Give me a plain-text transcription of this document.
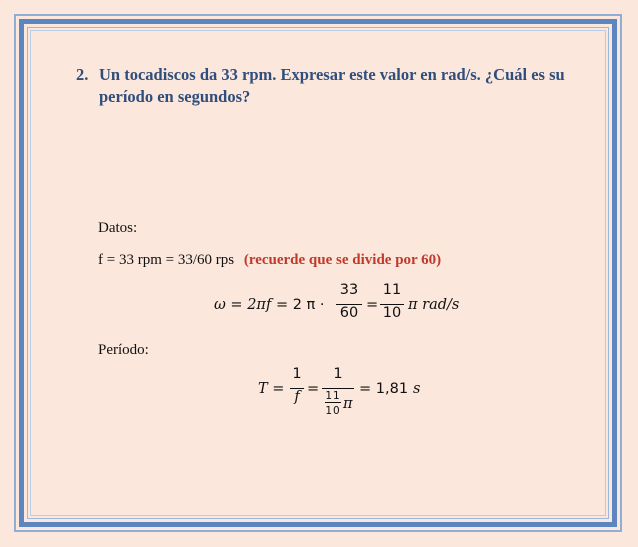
2. Un tocadiscos da 33 rpm. Expresar este valor en rad/s. ¿Cuál es su período en segundos?
Datos:
f = 33 rpm = 33/60 rps (recuerde que se divide por 60)
ω = 2πf = 2 π ·
33
60 =
11
10 π rad/s
Período:
T =
1
f =
1
11
10 π
= 1,81 s
